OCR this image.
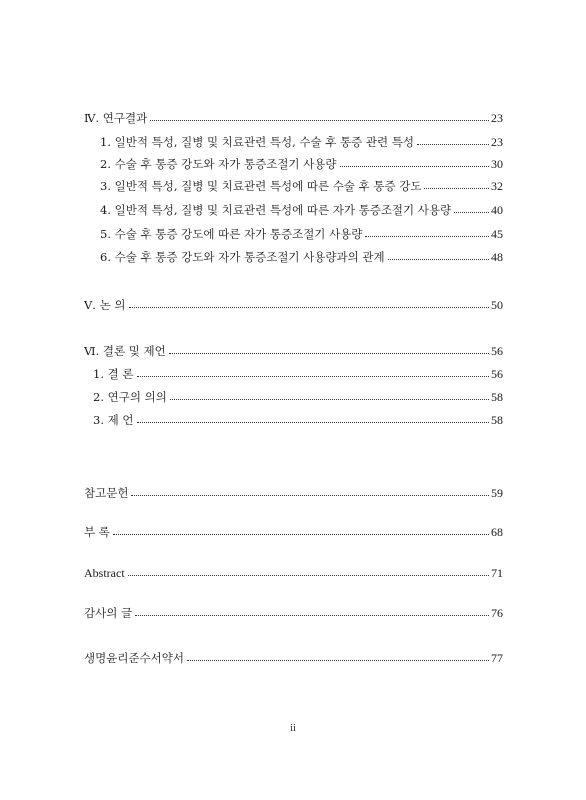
Ⅳ. 연구결과	23
1. 일반적 특성, 질병 및 치료관련 특성, 수술 후 통증 관련 특성	23
2. 수술 후 통증 강도와 자가 통증조절기 사용량	30
3. 일반적 특성, 질병 및 치료관련 특성에 따른 수술 후 통증 강도	32
4. 일반적 특성, 질병 및 치료관련 특성에 따른 자가 통증조절기 사용량	40
5. 수술 후 통증 강도에 따른 자가 통증조절기 사용량	45
6. 수술 후 통증 강도와 자가 통증조절기 사용량과의 관계	48
Ⅴ. 논 의	50
Ⅵ. 결론 및 제언	56
1. 결 론	56
2. 연구의 의의	58
3. 제 언	58
참고문헌	59
부 록	68
Abstract	71
감사의 글	76
생명윤리준수서약서	77
ii
